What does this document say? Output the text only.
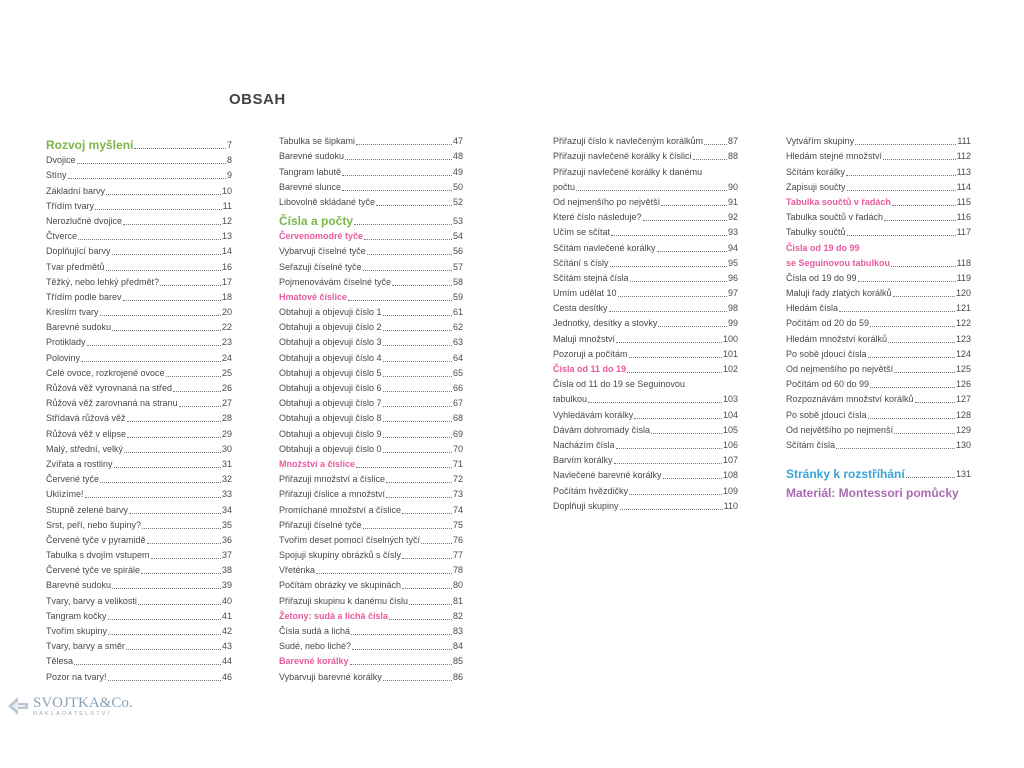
OBSAH
Rozvoj myšlení	7
Dvojice	8
Stíny	9
Základní barvy	10
Třídím tvary	11
Nerozlučné dvojice	12
Čtverce	13
Doplňující barvy	14
Tvar předmětů	16
Těžký, nebo lehký předmět?	17
Třídím podle barev	18
Kreslím tvary	20
Barevné sudoku	22
Protiklady	23
Poloviny	24
Celé ovoce, rozkrojené ovoce	25
Růžová věž vyrovnaná na střed	26
Růžová věž zarovnaná na stranu	27
Střídavá růžová věž	28
Růžová věž v elipse	29
Malý, střední, velký	30
Zvířata a rostliny	31
Červené tyče	32
Uklízíme!	33
Stupně zelené barvy	34
Srst, peří, nebo šupiny?	35
Červené tyče v pyramidě	36
Tabulka s dvojím vstupem	37
Červené tyče ve spirále	38
Barevné sudoku	39
Tvary, barvy a velikosti	40
Tangram kočky	41
Tvořím skupiny	42
Tvary, barvy a směr	43
Tělesa	44
Pozor na tvary!	46
Tabulka se šipkami	47
Barevné sudoku	48
Tangram labutě	49
Barevné slunce	50
Libovolně skládané tyče	52
Čísla a počty	53
Červenomodré tyče	54
Vybarvuji číselné tyče	56
Seřazuji číselné tyče	57
Pojmenovávám číselné tyče	58
Hmatové číslice	59
Obtahuji a objevuji číslo 1	61
Obtahuji a objevuji číslo 2	62
Obtahuji a objevuji číslo 3	63
Obtahuji a objevuji číslo 4	64
Obtahuji a objevuji číslo 5	65
Obtahuji a objevuji číslo 6	66
Obtahuji a objevuji číslo 7	67
Obtahuji a objevuji číslo 8	68
Obtahuji a objevuji číslo 9	69
Obtahuji a objevuji číslo 0	70
Množství a číslice	71
Přiřazuji množství a číslice	72
Přiřazuji číslice a množství	73
Promíchané množství a číslice	74
Přiřazuji číselné tyče	75
Tvořím deset pomocí číselných tyčí	76
Spojuji skupiny obrázků s čísly	77
Vřeténka	78
Počítám obrázky ve skupinách	80
Přiřazuji skupinu k danému číslu	81
Žetony: sudá a lichá čísla	82
Čísla sudá a lichá	83
Sudé, nebo liché?	84
Barevné korálky	85
Vybarvuji barevné korálky	86
Přiřazuji číslo k navlečeným korálkům	87
Přiřazuji navlečené korálky k číslici	88
Přiřazuji navlečené korálky k danému
počtu	90
Od nejmenšího po největší	91
Které číslo následuje?	92
Učím se sčítat	93
Sčítám navlečené korálky	94
Sčítání s čísly	95
Sčítám stejná čísla	96
Umím udělat 10	97
Cesta desítky	98
Jednotky, desítky a stovky	99
Maluji množství	100
Pozoruji a počítám	101
Čísla od 11 do 19	102
Čísla od 11 do 19 se Seguinovou
tabulkou	103
Vyhledávám korálky	104
Dávám dohromady čísla	105
Nacházím čísla	106
Barvím korálky	107
Navlečené barevné korálky	108
Počítám hvězdičky	109
Doplňuji skupiny	110
Vytvářím skupiny	111
Hledám stejné množství	112
Sčítám korálky	113
Zapisuji součty	114
Tabulka součtů v řadách	115
Tabulka součtů v řadách	116
Tabulky součtů	117
Čísla od 19 do 99
se Seguinovou tabulkou	118
Čísla od 19 do 99	119
Maluji řady zlatých korálků	120
Hledám čísla	121
Počítám od 20 do 59	122
Hledám množství korálků	123
Po sobě jdoucí čísla	124
Od nejmenšího po největší	125
Počítám od 60 do 99	126
Rozpoznávám množství korálků	127
Po sobě jdoucí čísla	128
Od největšího po nejmenší	129
Sčítám čísla	130
Stránky k rozstříhání	131
Materiál: Montessori pomůcky
SVOJTKA&Co.
NAKLADATELSTVÍ
